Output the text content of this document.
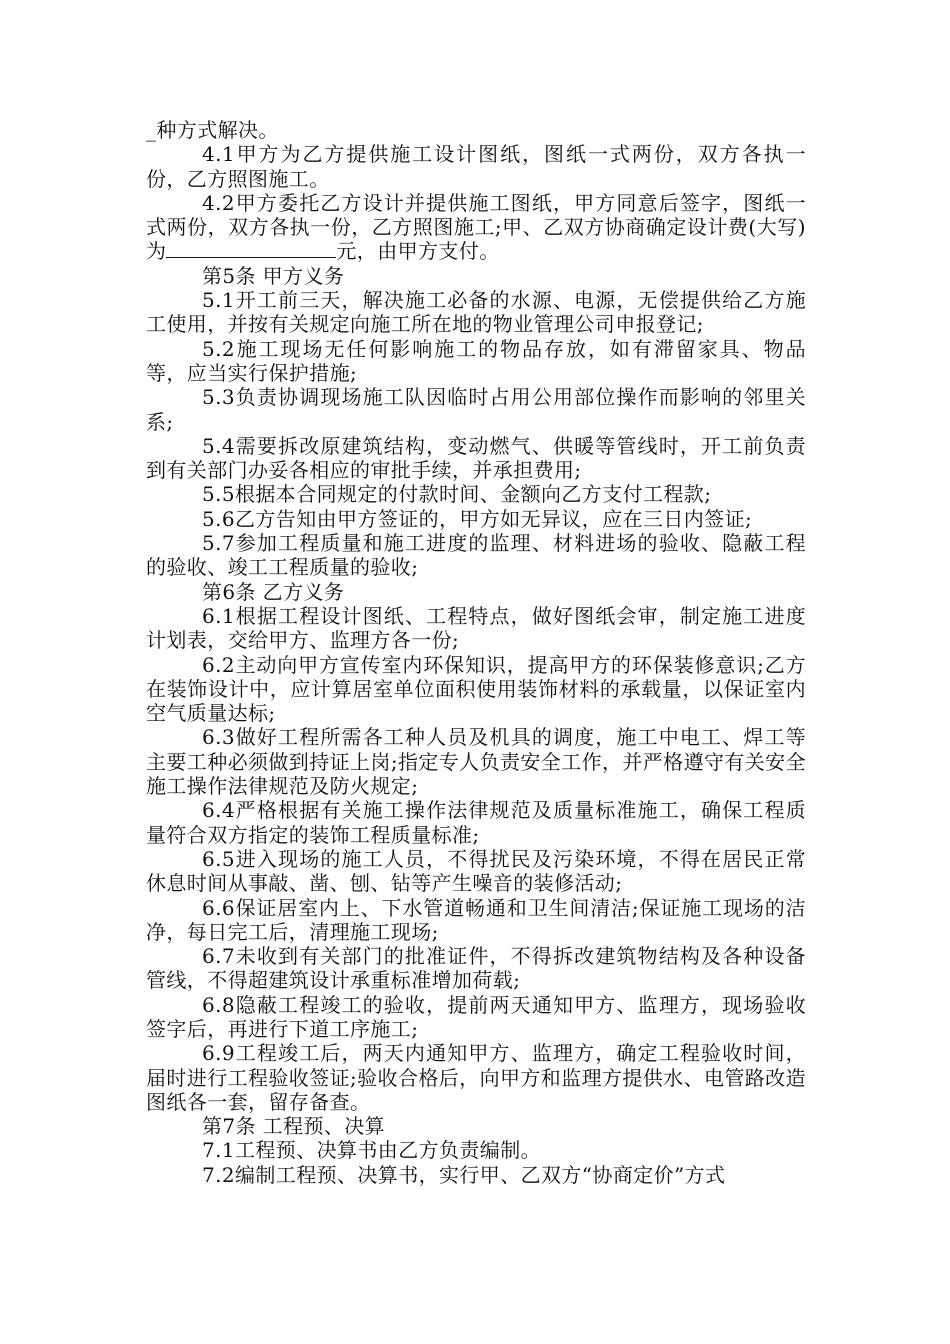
_种方式解决。

4.1甲方为乙方提供施工设计图纸，图纸一式两份，双方各执一份，乙方照图施工。

4.2甲方委托乙方设计并提供施工图纸，甲方同意后签字，图纸一式两份，双方各执一份，乙方照图施工;甲、乙双方协商确定设计费(大写)为	元，由甲方支付。

第5条 甲方义务

5.1开工前三天，解决施工必备的水源、电源，无偿提供给乙方施工使用，并按有关规定向施工所在地的物业管理公司申报登记;

5.2施工现场无任何影响施工的物品存放，如有滞留家具、物品等，应当实行保护措施;

5.3负责协调现场施工队因临时占用公用部位操作而影响的邻里关系;

5.4需要拆改原建筑结构，变动燃气、供暖等管线时，开工前负责到有关部门办妥各相应的审批手续，并承担费用;

5.5根据本合同规定的付款时间、金额向乙方支付工程款;

5.6乙方告知由甲方签证的，甲方如无异议，应在三日内签证;

5.7参加工程质量和施工进度的监理、材料进场的验收、隐蔽工程的验收、竣工工程质量的验收;

第6条 乙方义务

6.1根据工程设计图纸、工程特点，做好图纸会审，制定施工进度计划表，交给甲方、监理方各一份;

6.2主动向甲方宣传室内环保知识，提高甲方的环保装修意识;乙方在装饰设计中，应计算居室单位面积使用装饰材料的承载量，以保证室内空气质量达标;

6.3做好工程所需各工种人员及机具的调度，施工中电工、焊工等主要工种必须做到持证上岗;指定专人负责安全工作，并严格遵守有关安全施工操作法律规范及防火规定;

6.4严格根据有关施工操作法律规范及质量标准施工，确保工程质量符合双方指定的装饰工程质量标准;

6.5进入现场的施工人员，不得扰民及污染环境，不得在居民正常休息时间从事敲、凿、刨、钻等产生噪音的装修活动;

6.6保证居室内上、下水管道畅通和卫生间清洁;保证施工现场的洁净，每日完工后，清理施工现场;

6.7未收到有关部门的批准证件，不得拆改建筑物结构及各种设备管线，不得超建筑设计承重标准增加荷载;

6.8隐蔽工程竣工的验收，提前两天通知甲方、监理方，现场验收签字后，再进行下道工序施工;

6.9工程竣工后，两天内通知甲方、监理方，确定工程验收时间，届时进行工程验收签证;验收合格后，向甲方和监理方提供水、电管路改造图纸各一套，留存备查。

第7条 工程预、决算

7.1工程预、决算书由乙方负责编制。

7.2编制工程预、决算书，实行甲、乙双方“协商定价”方式
